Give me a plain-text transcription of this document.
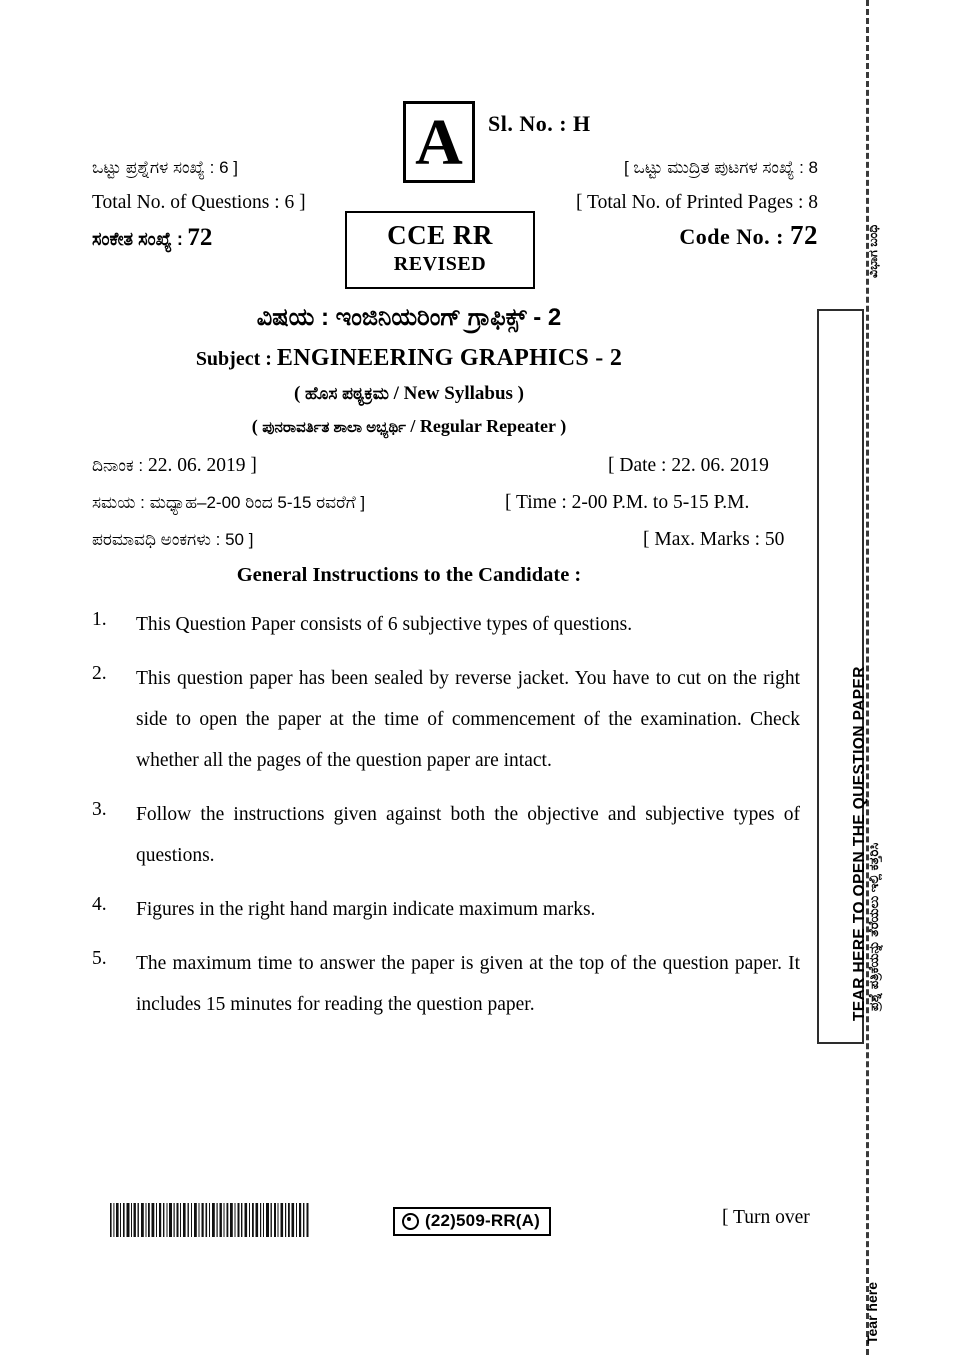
A Sl. No. : H
ಒಟ್ಟು ಪ್ರಶ್ನೆಗಳ ಸಂಖ್ಯೆ : 6 ]
Total No. of Questions : 6 ]
ಸಂಕೇತ ಸಂಖ್ಯೆ : 72
[ ಒಟ್ಟು ಮುದ್ರಿತ ಪುಟಗಳ ಸಂಖ್ಯೆ : 8
[ Total No. of Printed Pages : 8
Code No. : 72	ವಿಭಾಗ ಬಂಧಿ
CCE RR
REVISED
ವಿಷಯ : ಇಂಜಿನಿಯರಿಂಗ್ ಗ್ರಾಫಿಕ್ಸ್ - 2
Subject : ENGINEERING GRAPHICS - 2
( ಹೊಸ ಪಠ್ಯಕ್ರಮ / New Syllabus )
( ಪುನರಾವರ್ತಿತ ಶಾಲಾ ಅಭ್ಯರ್ಥಿ / Regular Repeater )
ದಿನಾಂಕ : 22. 06. 2019 ]	[ Date : 22. 06. 2019
ಸಮಯ : ಮಧ್ಯಾಹ–2-00 ರಿಂದ 5-15 ರವರೆಗೆ ]	[ Time : 2-00 P.M. to 5-15 P.M.
ಪರಮಾವಧಿ ಅಂಕಗಳು : 50 ]	[ Max. Marks : 50
General Instructions to the Candidate :
1.	This Question Paper consists of 6 subjective types of questions.
2.	This question paper has been sealed by reverse jacket. You have to cut on the right side to open the paper at the time of commencement of the examination. Check whether all the pages of the question paper are intact.
3.	Follow the instructions given against both the objective and subjective types of questions.
4.	Figures in the right hand margin indicate maximum marks.
5.	The maximum time to answer the paper is given at the top of the question paper. It includes 15 minutes for reading the question paper.	TEAR HERE TO OPEN THE QUESTION PAPER
ಪ್ರಶ್ನೆ ಪತ್ರಿಕೆಯನ್ನು ತೆರೆಯಲು ಇಲ್ಲಿ ಕತ್ತರಿಸಿ
Tear here
(22)509-RR(A)	[ Turn over
